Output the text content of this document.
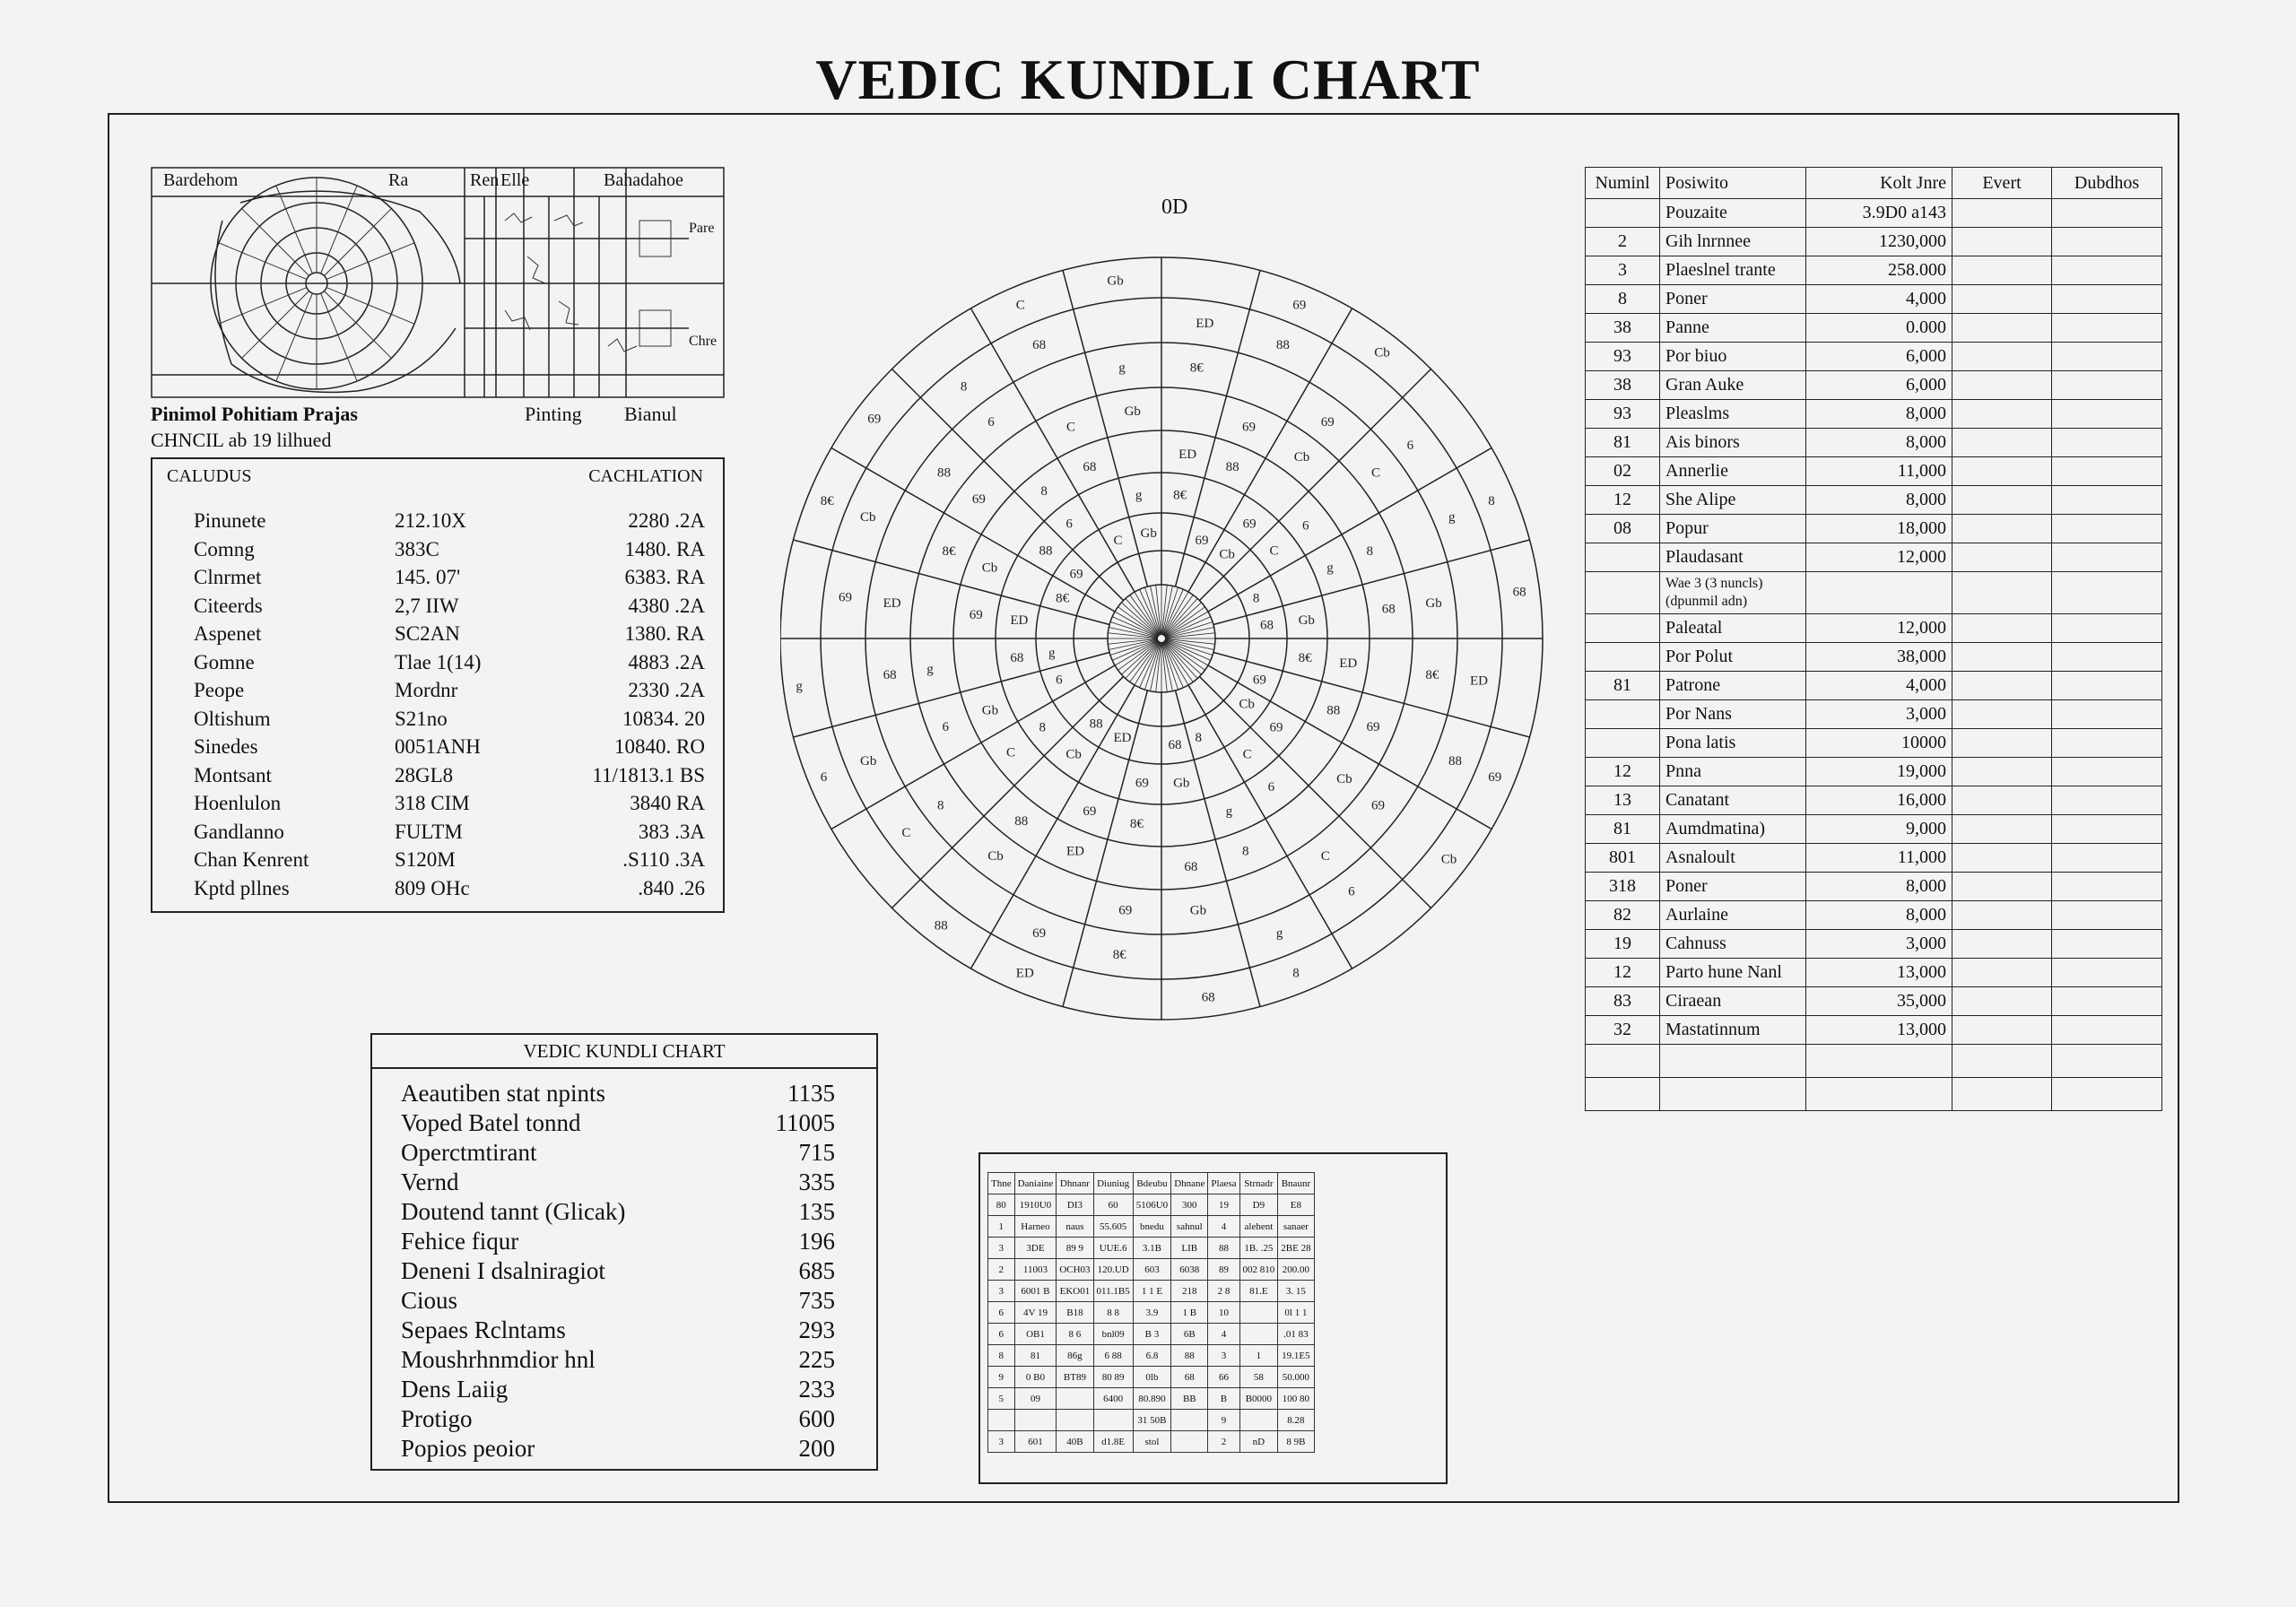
VEDIC KUNDLI CHART
Bardehom	Ra	Ren Elle	Bahadahoe
Pare
Chre
Pinimol Pohitiam Prajas
CHNCIL ab 19 lilhued
Pinting Bianul
CALUDUS	CACHLATION
Pinunete	212.10X	2280 .2A
Comng	383C	1480. RA
Clnrmet	145. 07'	6383. RA
Citeerds	2,7 IIW	4380 .2A
Aspenet	SC2AN	1380. RA
Gomne	Tlae 1(14)	4883 .2A
Peope	Mordnr	2330 .2A
Oltishum	S21no	10834. 20
Sinedes	0051ANH	10840. RO
Montsant	28GL8	11/1813.1 BS
Hoenlulon	318 CIM	3840 RA
Gandlanno	FULTM	383 .3A
Chan Kenrent	S120M	.S110 .3A
Kptd pllnes	809 OHc	.840 .26
VEDIC KUNDLI CHART
Aeautiben stat npints	1135
Voped Batel tonnd	11005
Operctmtirant	715
Vernd	335
Doutend tannt (Glicak)	135
Fehice fiqur	196
Deneni I dsalniragiot	685
Cious	735
Sepaes Rclntams	293
Moushrhnmdior hnl	225
Dens Laiig	233
Protigo	600
Popios peoior	200
0D
69
Cb
8
68
ED
88
6
g
8€
69
C
Gb
69
Cb
8
68
ED
88
6
g
8€
69
C
Gb
69
Cb
8
68
ED
88
6
g
8€
69
C
Gb
69
Cb
8
68
ED
88
6
g	8€
69
C
Gb
69
Cb
8
68
ED
88
6
g
8€
69
C
Gb
69
Cb
8
68
ED
88
6
g
8€
69
C
Gb
69
Cb
8
68
ED
88
6
g
8€
69
C
Gb
69
Cb
8
68
ED
88
6
g 8€
69
C
Gb
69
Cb
8
68
ED
88
6
g
8€
69
C
Gb
69
Cb
8
68
Numinl	Posiwito	Kolt Jnre	Evert	Dubdhos
	Pouzaite	3.9D0 a143		
2	Gih lnrnnee	1230,000		
3	Plaeslnel trante	258.000		
8	Poner	4,000		
38	Panne	0.000		
93	Por biuo	6,000		
38	Gran Auke	6,000		
93	Pleaslms	8,000		
81	Ais binors	8,000		
02	Annerlie	11,000		
12	She Alipe	8,000		
08	Popur	18,000		
	Plaudasant	12,000		
	Wae 3 (3 nuncls) (dpunmil adn)			
	Paleatal	12,000		
	Por Polut	38,000		
81	Patrone	4,000		
	Por Nans	3,000		
	Pona latis	10000		
12	Pnna	19,000		
13	Canatant	16,000		
81	Aumdmatina)	9,000		
801	Asnaloult	11,000		
318	Poner	8,000		
82	Aurlaine	8,000		
19	Cahnuss	3,000		
12	Parto hune Nanl	13,000		
83	Ciraean	35,000		
32	Mastatinnum	13,000		

Thne	Daniaine	Dhnanr	Diuniug	Bdeubu	Dhnane	Plaesa	Strnadr	Bnaunr
80	1910U0	DI3	60	5106U0	300	19	D9	E8
1	Harneo	naus	55.605	bnedu	sahnul	4	alehent	sanaer
3	3DE	89 9	UUE.6	3.1B	LIB	88	1B. .25	2BE 28
2	11003	OCH03	120.UD	603	6038	89	002 810	200.00
3	6001 B	EKO01	011.1B5	1 1 E	218	2 8	81.E	3. 15
6	4V 19	B18	8 8	3.9	1 B	10		0l 1 1
6	OB1	8 6	bnl09	B 3	6B	4		.01 83
8	81	86g	6 88	6.8	88	3	1	19.1E5
9	0 B0	BT89	80 89	0lb	68	66	58	50.000
5	09		6400	80.890	BB	B	B0000	100 80
				31 50B		9		8.28
3	601	40B	d1.8E	stol		2	nD	8 9B
